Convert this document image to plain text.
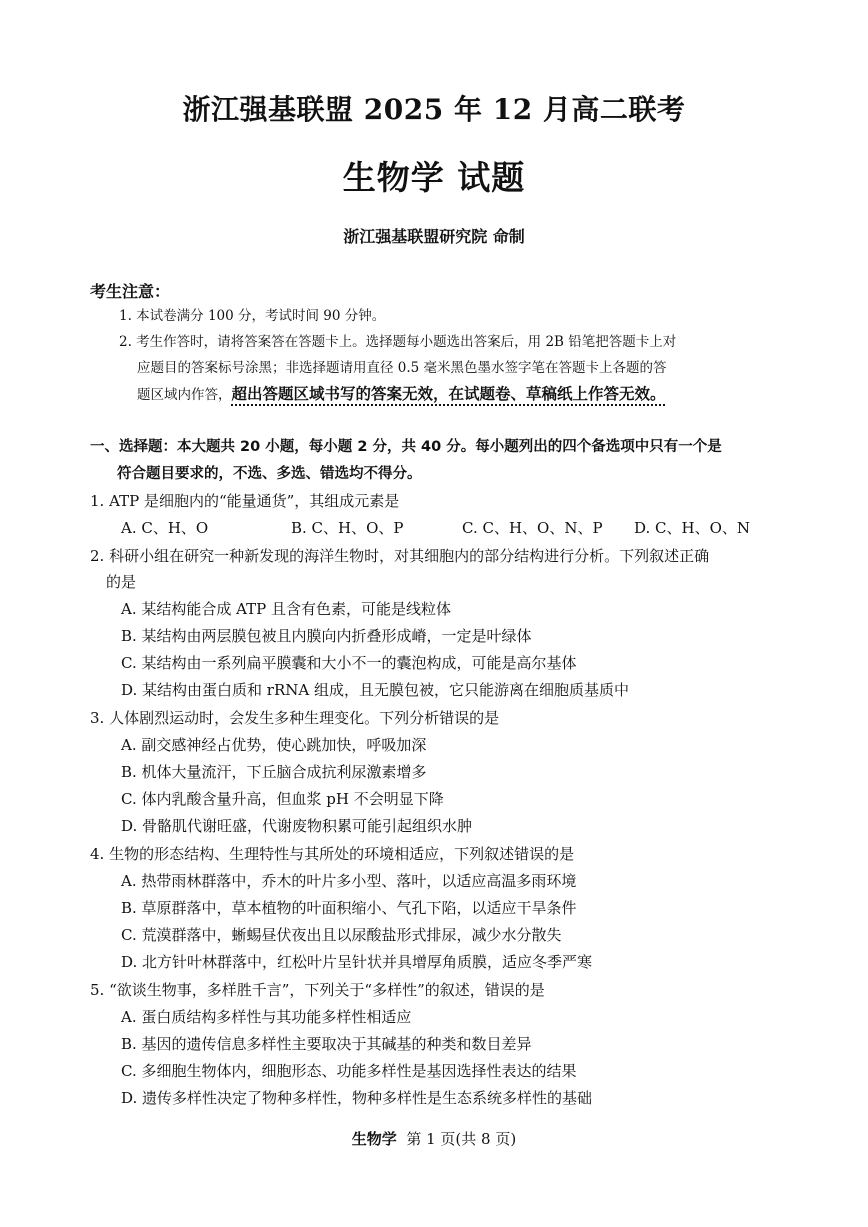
浙江强基联盟 2025 年 12 月高二联考
生物学 试题
浙江强基联盟研究院 命制
考生注意：
1. 本试卷满分 100 分，考试时间 90 分钟。
2. 考生作答时，请将答案答在答题卡上。选择题每小题选出答案后，用 2B 铅笔把答题卡上对
应题目的答案标号涂黑；非选择题请用直径 0.5 毫米黑色墨水签字笔在答题卡上各题的答
题区域内作答，超出答题区域书写的答案无效，在试题卷、草稿纸上作答无效。
一、选择题：本大题共 20 小题，每小题 2 分，共 40 分。每小题列出的四个备选项中只有一个是
符合题目要求的，不选、多选、错选均不得分。
1. ATP 是细胞内的“能量通货”，其组成元素是
A. C、H、O	B. C、H、O、P	C. C、H、O、N、P D. C、H、O、N
2. 科研小组在研究一种新发现的海洋生物时，对其细胞内的部分结构进行分析。下列叙述正确
的是
A. 某结构能合成 ATP 且含有色素，可能是线粒体
B. 某结构由两层膜包被且内膜向内折叠形成嵴，一定是叶绿体
C. 某结构由一系列扁平膜囊和大小不一的囊泡构成，可能是高尔基体
D. 某结构由蛋白质和 rRNA 组成，且无膜包被，它只能游离在细胞质基质中
3. 人体剧烈运动时，会发生多种生理变化。下列分析错误的是
A. 副交感神经占优势，使心跳加快，呼吸加深
B. 机体大量流汗，下丘脑合成抗利尿激素增多
C. 体内乳酸含量升高，但血浆 pH 不会明显下降
D. 骨骼肌代谢旺盛，代谢废物积累可能引起组织水肿
4. 生物的形态结构、生理特性与其所处的环境相适应，下列叙述错误的是
A. 热带雨林群落中，乔木的叶片多小型、落叶，以适应高温多雨环境
B. 草原群落中，草本植物的叶面积缩小、气孔下陷，以适应干旱条件
C. 荒漠群落中，蜥蜴昼伏夜出且以尿酸盐形式排尿，减少水分散失
D. 北方针叶林群落中，红松叶片呈针状并具增厚角质膜，适应冬季严寒
5. “欲谈生物事，多样胜千言”，下列关于“多样性”的叙述，错误的是
A. 蛋白质结构多样性与其功能多样性相适应
B. 基因的遗传信息多样性主要取决于其碱基的种类和数目差异
C. 多细胞生物体内，细胞形态、功能多样性是基因选择性表达的结果
D. 遗传多样性决定了物种多样性，物种多样性是生态系统多样性的基础
生物学 第 1 页(共 8 页)
